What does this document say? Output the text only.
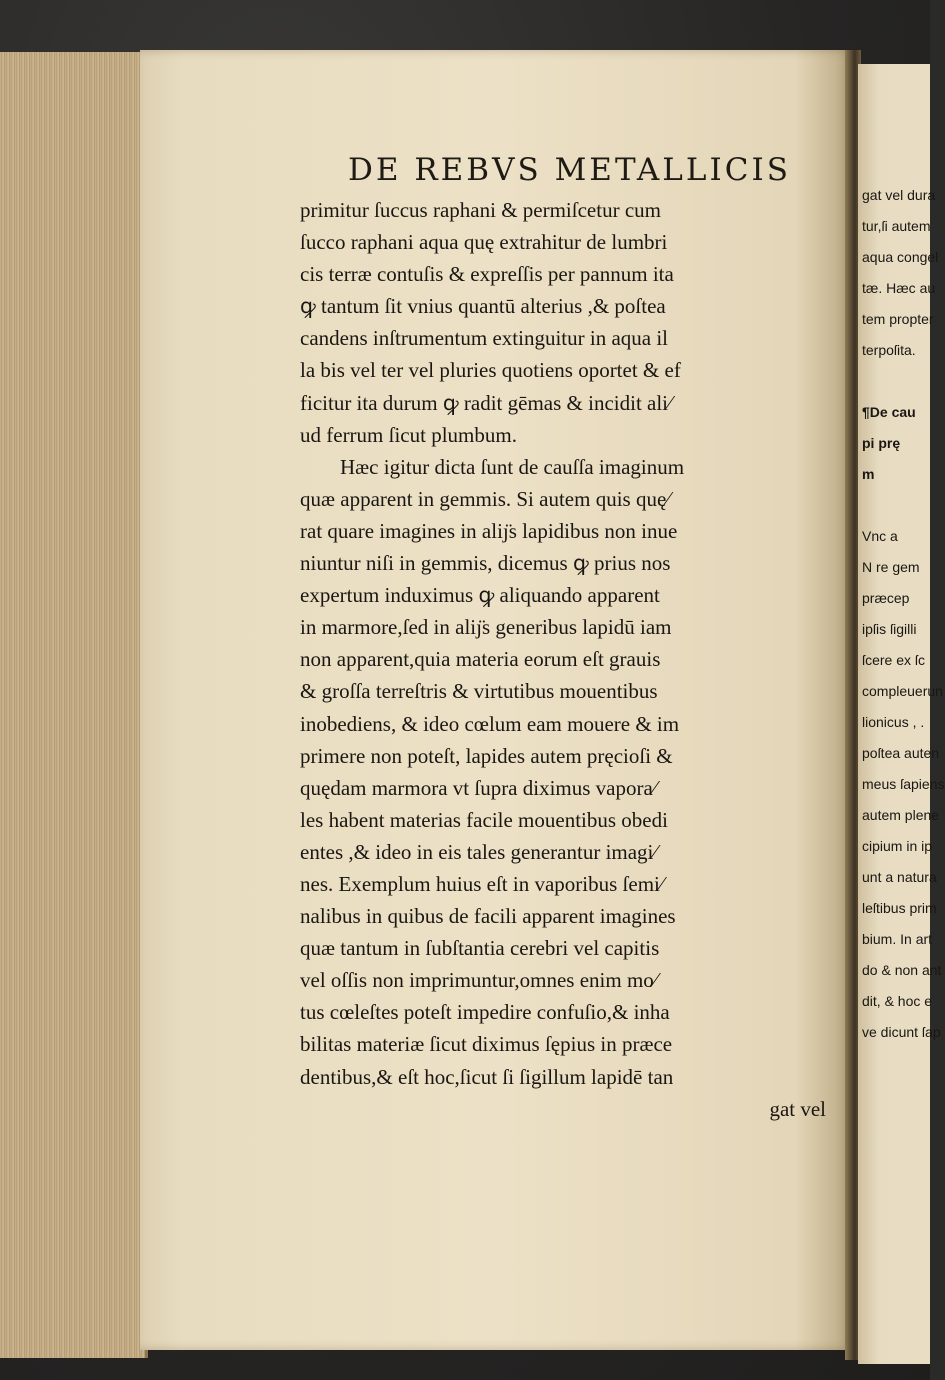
DE REBVS METALLICIS
primitur ſuccus raphani & permiſcetur cum
ſucco raphani aqua quę extrahitur de lumbri
cis terræ contuſis & expreſſis per pannum ita
ꝙ tantum ſit vnius quantū alterius ,& poſtea
candens inſtrumentum extinguitur in aqua il
la bis vel ter vel pluries quotiens oportet & ef
ficitur ita durum ꝙ radit gēmas & incidit ali⁄
ud ferrum ſicut plumbum.
Hæc igitur dicta ſunt de cauſſa imaginum
quæ apparent in gemmis. Si autem quis quę⁄
rat quare imagines in aliȷ̈s lapidibus non inue
niuntur niſi in gemmis, dicemus ꝙ prius nos
expertum induximus ꝙ aliquando apparent
in marmore,ſed in aliȷ̈s generibus lapidū iam
non apparent,quia materia eorum eſt grauis
& groſſa terreſtris & virtutibus mouentibus
inobediens, & ideo cœlum eam mouere & im
primere non poteſt, lapides autem pręcioſi &
quędam marmora vt ſupra diximus vapora⁄
les habent materias facile mouentibus obedi
entes ,& ideo in eis tales generantur imagi⁄
nes. Exemplum huius eſt in vaporibus ſemi⁄
nalibus in quibus de facili apparent imagines
quæ tantum in ſubſtantia cerebri vel capitis
vel oſſis non imprimuntur,omnes enim mo⁄
tus cœleſtes poteſt impedire confuſio,& inha
bilitas materiæ ſicut diximus ſępius in præce
dentibus,& eſt hoc,ſicut ſi ſigillum lapidē tan
gat vel
gat vel dura
tur,ſi autem
aqua congel
tæ. Hæc au
tem propter
terpoſita.
¶De cau
pi prę
m
Vnc a
N re gem
præcep
ipſis ſigilli
ſcere ex ſc
compleuerun
lionicus , .
poſtea auten
meus ſapiens
autem plene
cipium in ip
unt a natura
leſtibus prim
bium. In art
do & non ant
dit, & hoc e
ve dicunt ſap
